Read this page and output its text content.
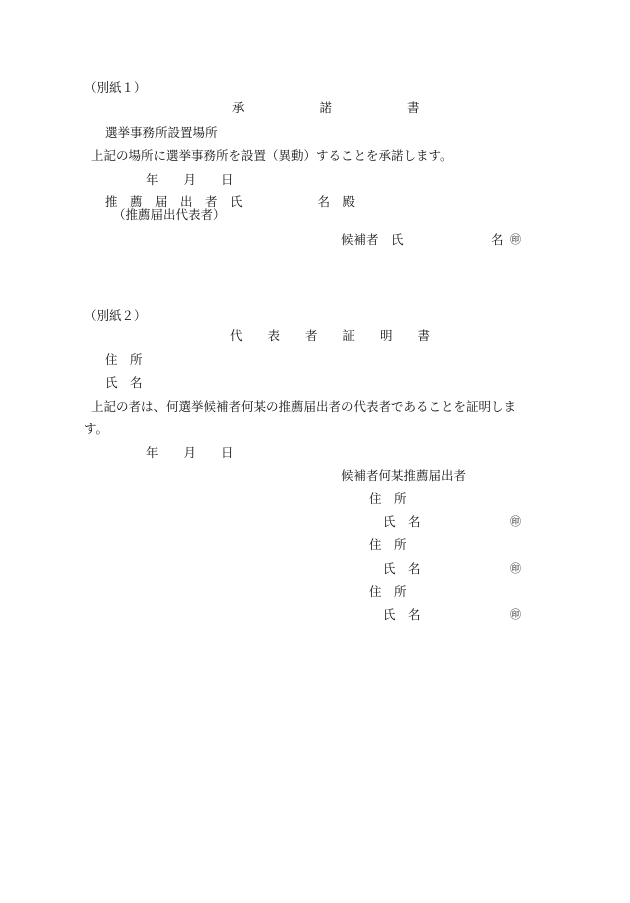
（別紙１）
承　　　　　　諾　　　　　　書
選挙事務所設置場所
上記の場所に選挙事務所を設置（異動）することを承諾します。
年　　月　　日
推　薦　届　出　者　氏　　　　　　名　殿
（推薦届出代表者）
候補者　氏　　　　　　　名 ㊞
（別紙２）
代　　表　　者　　証　　明　　書
住　所
氏　名
上記の者は、何選挙候補者何某の推薦届出者の代表者であることを証明しま
す。
年　　月　　日
候補者何某推薦届出者
住　所
氏　名	㊞
住　所
氏　名	㊞
住　所
氏　名	㊞
